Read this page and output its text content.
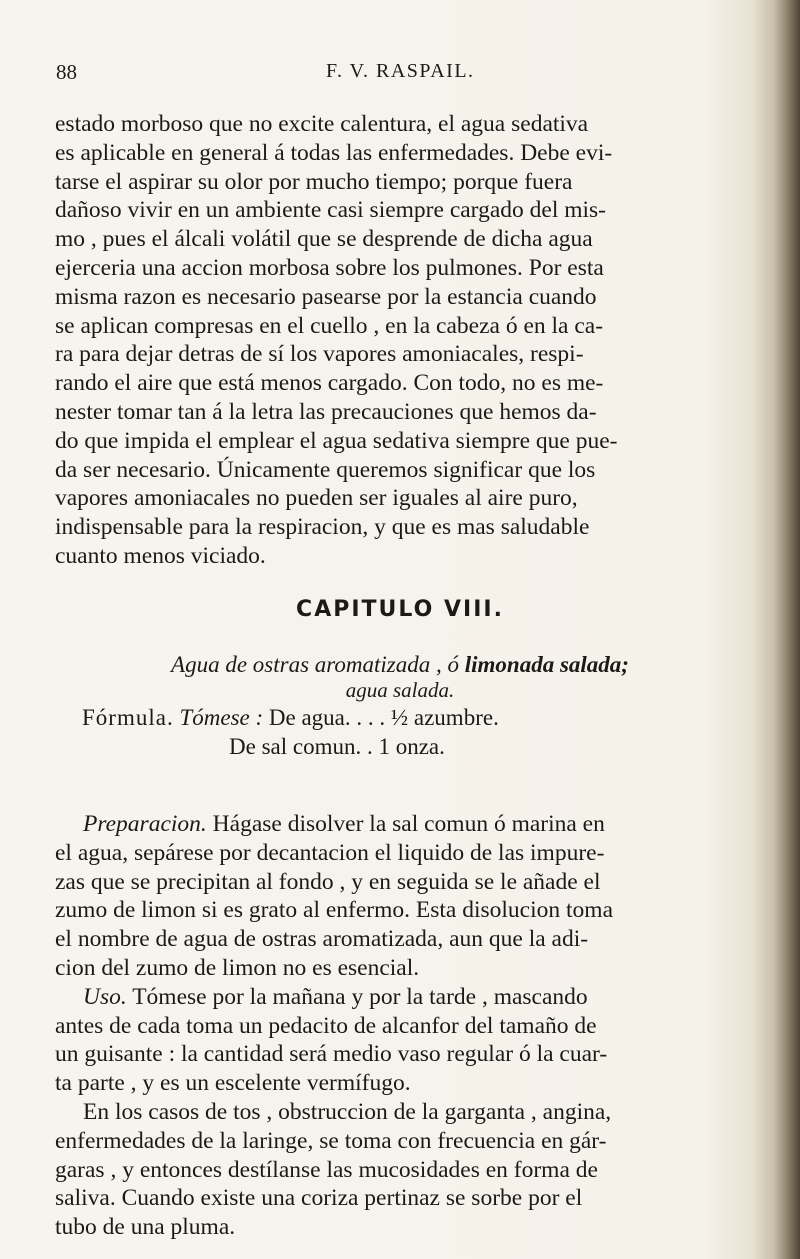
88	F. V. RASPAIL.

estado morboso que no excite calentura, el agua sedativa
es aplicable en general á todas las enfermedades. Debe evi-
tarse el aspirar su olor por mucho tiempo; porque fuera
dañoso vivir en un ambiente casi siempre cargado del mis-
mo , pues el álcali volátil que se desprende de dicha agua
ejerceria una accion morbosa sobre los pulmones. Por esta
misma razon es necesario pasearse por la estancia cuando
se aplican compresas en el cuello , en la cabeza ó en la ca-
ra para dejar detras de sí los vapores amoniacales, respi-
rando el aire que está menos cargado. Con todo, no es me-
nester tomar tan á la letra las precauciones que hemos da-
do que impida el emplear el agua sedativa siempre que pue-
da ser necesario. Únicamente queremos significar que los
vapores amoniacales no pueden ser iguales al aire puro,
indispensable para la respiracion, y que es mas saludable
cuanto menos viciado.

CAPITULO VIII.
Agua de ostras aromatizada , ó limonada salada;
agua salada.
Fórmula. Tómese : De agua. . . . ½ azumbre.
De sal comun. . 1 onza.

Preparacion. Hágase disolver la sal comun ó marina en
el agua, sepárese por decantacion el liquido de las impure-
zas que se precipitan al fondo , y en seguida se le añade el
zumo de limon si es grato al enfermo. Esta disolucion toma
el nombre de agua de ostras aromatizada, aun que la adi-
cion del zumo de limon no es esencial.
Uso. Tómese por la mañana y por la tarde , mascando
antes de cada toma un pedacito de alcanfor del tamaño de
un guisante : la cantidad será medio vaso regular ó la cuar-
ta parte , y es un escelente vermífugo.
En los casos de tos , obstruccion de la garganta , angina,
enfermedades de la laringe, se toma con frecuencia en gár-
garas , y entonces destílanse las mucosidades en forma de
saliva. Cuando existe una coriza pertinaz se sorbe por el
tubo de una pluma.
